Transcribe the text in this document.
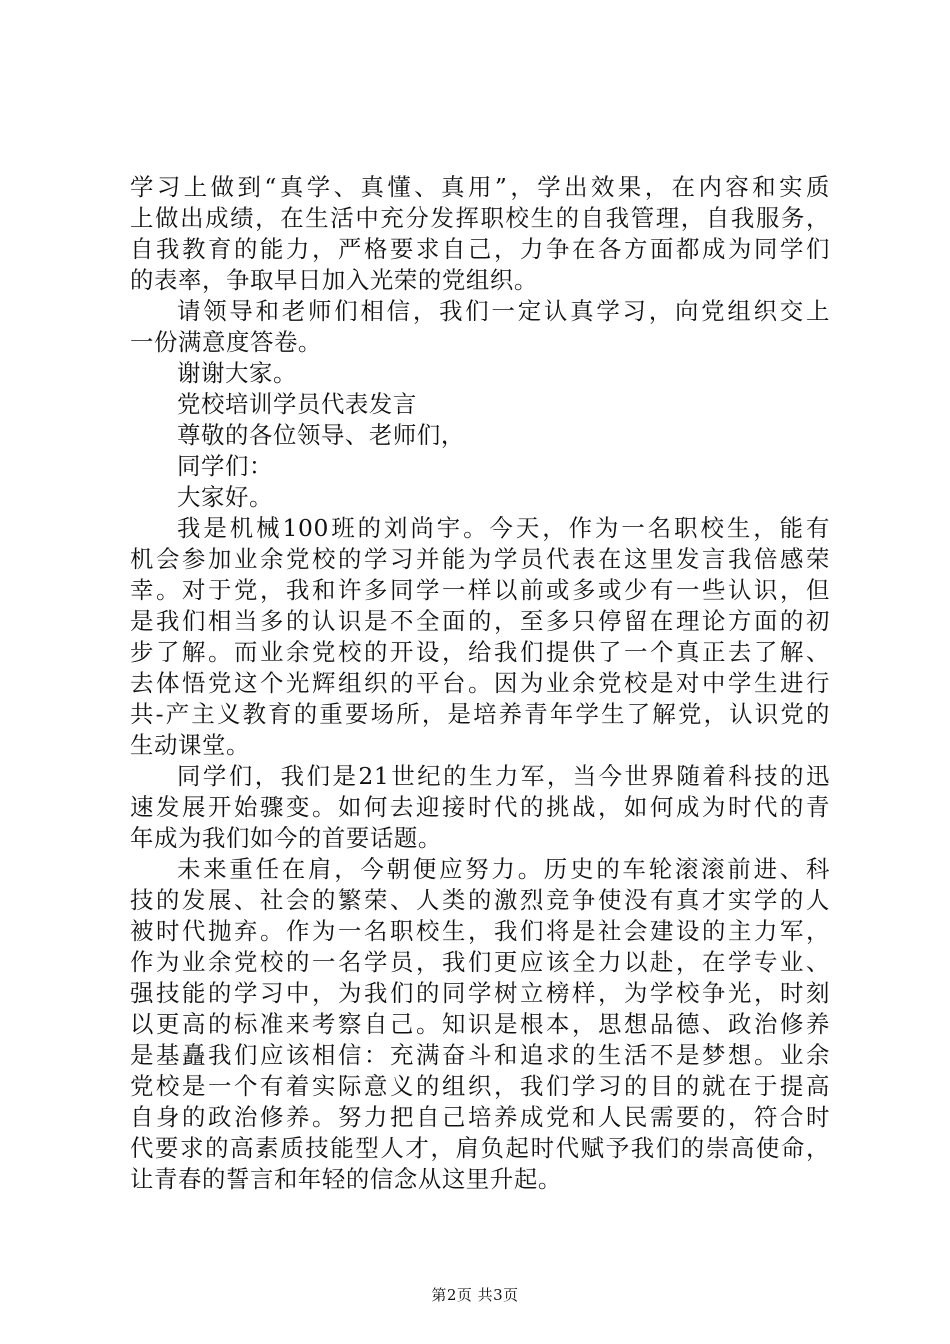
学习上做到“真学、真懂、真用”，学出效果，在内容和实质
上做出成绩，在生活中充分发挥职校生的自我管理，自我服务，
自我教育的能力，严格要求自己，力争在各方面都成为同学们
的表率，争取早日加入光荣的党组织。
请领导和老师们相信，我们一定认真学习，向党组织交上
一份满意度答卷。
谢谢大家。
党校培训学员代表发言
尊敬的各位领导、老师们，
同学们：
大家好。
我是机械100班的刘尚宇。今天，作为一名职校生，能有
机会参加业余党校的学习并能为学员代表在这里发言我倍感荣
幸。对于党，我和许多同学一样以前或多或少有一些认识，但
是我们相当多的认识是不全面的，至多只停留在理论方面的初
步了解。而业余党校的开设，给我们提供了一个真正去了解、
去体悟党这个光辉组织的平台。因为业余党校是对中学生进行
共-产主义教育的重要场所，是培养青年学生了解党，认识党的
生动课堂。
同学们，我们是21世纪的生力军，当今世界随着科技的迅
速发展开始骤变。如何去迎接时代的挑战，如何成为时代的青
年成为我们如今的首要话题。
未来重任在肩，今朝便应努力。历史的车轮滚滚前进、科
技的发展、社会的繁荣、人类的激烈竞争使没有真才实学的人
被时代抛弃。作为一名职校生，我们将是社会建设的主力军，
作为业余党校的一名学员，我们更应该全力以赴，在学专业、
强技能的学习中，为我们的同学树立榜样，为学校争光，时刻
以更高的标准来考察自己。知识是根本，思想品德、政治修养
是基矗我们应该相信：充满奋斗和追求的生活不是梦想。业余
党校是一个有着实际意义的组织，我们学习的目的就在于提高
自身的政治修养。努力把自己培养成党和人民需要的，符合时
代要求的高素质技能型人才，肩负起时代赋予我们的崇高使命，
让青春的誓言和年轻的信念从这里升起。
第2页 共3页
